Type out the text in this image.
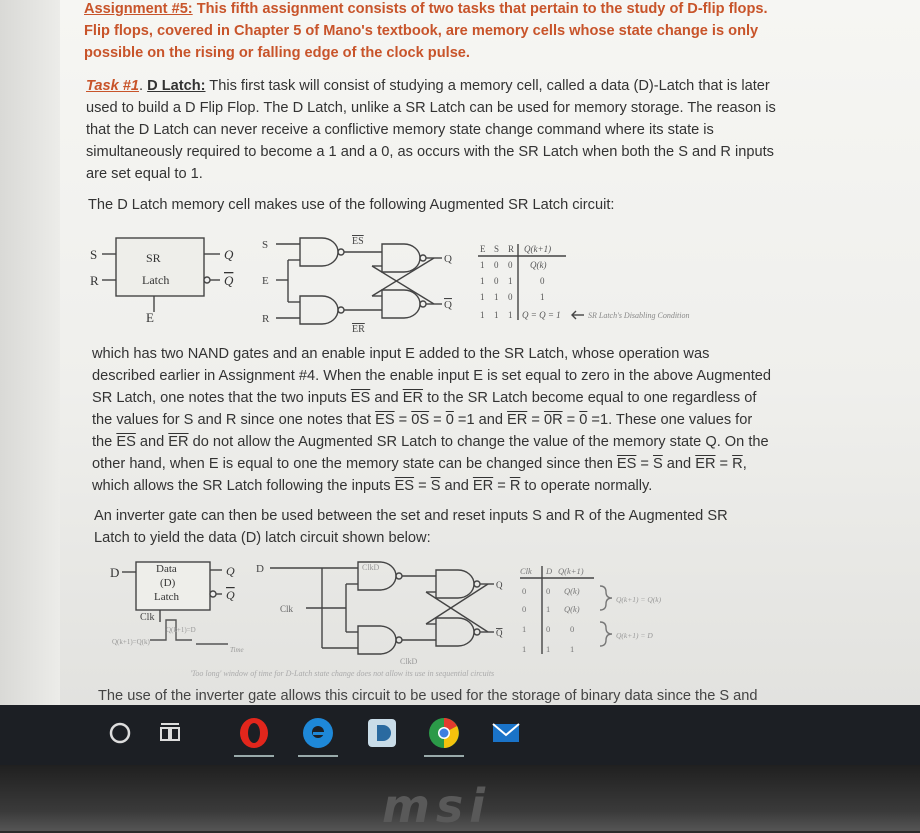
Assignment #5: This fifth assignment consists of two tasks that pertain to the study of D-flip flops. Flip flops, covered in Chapter 5 of Mano's textbook, are memory cells whose state change is only possible on the rising or falling edge of the clock pulse.
Task #1. D Latch: This first task will consist of studying a memory cell, called a data (D)-Latch that is later used to build a D Flip Flop. The D Latch, unlike a SR Latch can be used for memory storage. The reason is that the D Latch can never receive a conflictive memory state change command where its state is simultaneously required to become a 1 and a 0, as occurs with the SR Latch when both the S and R inputs are set equal to 1.
The D Latch memory cell makes use of the following Augmented SR Latch circuit:
S
R
E
SR
Latch
Q
Q
S
E
R
ES
ER
Q
Q
E S R Q(k+1)
1 0 0 Q(k)
1 0 1	0
1 1 0	1
1 1 1 Q = Q = 1	SR Latch's Disabling Condition
which has two NAND gates and an enable input E added to the SR Latch, whose operation was described earlier in Assignment #4. When the enable input E is set equal to zero in the above Augmented SR Latch, one notes that the two inputs $\overline{ES}$ and $\overline{ER}$ to the SR Latch become equal to one regardless of the values for S and R since one notes that $\overline{ES} = 0S = 0 =1$ and $\overline{ER} = 0R = 0 =1$. These one values for the $\overline{ES}$ and $\overline{ER}$ do not allow the Augmented SR Latch to change the value of the memory state Q. On the other hand, when E is equal to one the memory state can be changed since then $\overline{ES} = \overline{S}$ and $\overline{ER} = \overline{R}$, which allows the SR Latch following the inputs $\overline{ES} = \overline{S}$ and $\overline{ER} = \overline{R}$ to operate normally.
An inverter gate can then be used between the set and reset inputs S and R of the Augmented SR Latch to yield the data (D) latch circuit shown below:
D	Data
(D)
Latch
Clk
Q
Q
Q(k+1)=D
Q(k+1)=Q(k)
Time
D
Clk
ClkD
ClkD
Q
Q
Clk D Q(k+1)
0 0 Q(k)
0 1 Q(k)
1 0 0
1 1 1
Q(k+1) = Q(k)
Q(k+1) = D
'Too long' window of time for D-Latch state change does not allow its use in sequential circuits
The use of the inverter gate allows this circuit to be used for the storage of binary data since the S and
msi
